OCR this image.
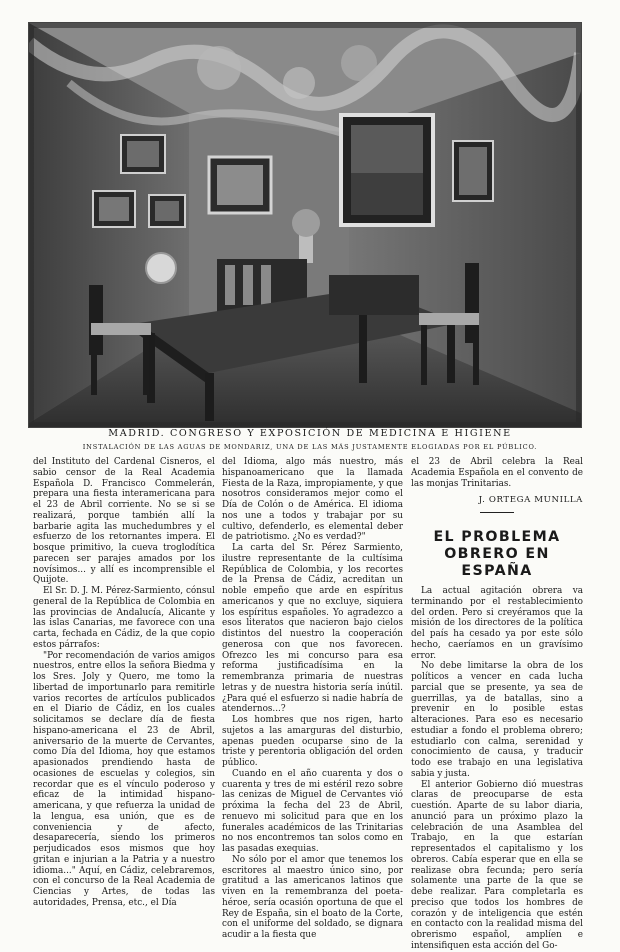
MADRID. CONGRESO Y EXPOSICIÓN DE MEDICINA E HIGIENE
INSTALACIÓN DE LAS AGUAS DE MONDARIZ, UNA DE LAS MÁS JUSTAMENTE ELOGIADAS POR EL PÚBLICO.

del Instituto del Cardenal Cisneros, el sabio censor de la Real Academia Española D. Francisco Commelerán, prepara una fiesta interamericana para el 23 de Abril corriente. No se si se realizará, porque también allí la barbarie agita las muchedumbres y el esfuerzo de los retornantes impera. El bosque primitivo, la cueva troglodítica parecen ser parajes amados por los novísimos... y allí es incomprensible el Quijote.

El Sr. D. J. M. Pérez-Sarmiento, cónsul general de la República de Colombia en las provincias de Andalucía, Alicante y las islas Canarias, me favorece con una carta, fechada en Cádiz, de la que copio estos párrafos:

"Por recomendación de varios amigos nuestros, entre ellos la señora Biedma y los Sres. Joly y Quero, me tomo la libertad de importunarlo para remitirle varios recortes de artículos publicados en el Diario de Cádiz, en los cuales solicitamos se declare día de fiesta hispano-americana el 23 de Abril, aniversario de la muerte de Cervantes, como Día del Idioma, hoy que estamos apasionados prendiendo hasta de ocasiones de escuelas y colegios, sin recordar que es el vínculo poderoso y eficaz de la intimidad hispano-americana, y que refuerza la unidad de la lengua, esa unión, que es de conveniencia y de afecto, desaparecería, siendo los primeros perjudicados esos mismos que hoy gritan e injurian a la Patria y a nuestro idioma..." Aquí, en Cádiz, celebraremos, con el concurso de la Real Academia de Ciencias y Artes, de todas las autoridades, Prensa, etc., el Día

del Idioma, algo más nuestro, más hispanoamericano que la llamada Fiesta de la Raza, impropiamente, y que nosotros consideramos mejor como el Día de Colón o de América. El idioma nos une a todos y trabajar por su cultivo, defenderlo, es elemental deber de patriotismo. ¿No es verdad?"

La carta del Sr. Pérez Sarmiento, ilustre representante de la cultísima República de Colombia, y los recortes de la Prensa de Cádiz, acreditan un noble empeño que arde en espíritus americanos y que no excluye, siquiera los espíritus españoles. Yo agradezco a esos literatos que nacieron bajo cielos distintos del nuestro la cooperación generosa con que nos favorecen. Ofrezco les mi concurso para esa reforma justificadísima en la remembranza primaria de nuestras letras y de nuestra historia sería inútil. ¿Para qué el esfuerzo si nadie habría de atendernos...?

Los hombres que nos rigen, harto sujetos a las amarguras del disturbio, apenas pueden ocuparse sino de la triste y perentoria obligación del orden público.

Cuando en el año cuarenta y dos o cuarenta y tres de mi estéril rezo sobre las cenizas de Miguel de Cervantes vió próxima la fecha del 23 de Abril, renuevo mi solicitud para que en los funerales académicos de las Trinitarias no nos encontremos tan solos como en las pasadas exequias.

No sólo por el amor que tenemos los escritores al maestro único sino, por gratitud a las americanos latinos que viven en la remembranza del poeta-héroe, sería ocasión oportuna de que el Rey de España, sin el boato de la Corte, con el uniforme del soldado, se dignara acudir a la fiesta que

el 23 de Abril celebra la Real Academia Española en el convento de las monjas Trinitarias.

J. ORTEGA MUNILLA

EL PROBLEMA
OBRERO EN ESPAÑA

La actual agitación obrera va terminando por el restablecimiento del orden. Pero si creyéramos que la misión de los directores de la política del país ha cesado ya por este sólo hecho, caeríamos en un gravísimo error.

No debe limitarse la obra de los políticos a vencer en cada lucha parcial que se presente, ya sea de guerrillas, ya de batallas, sino a prevenir en lo posible estas alteraciones. Para eso es necesario estudiar a fondo el problema obrero; estudiarlo con calma, serenidad y conocimiento de causa, y traducir todo ese trabajo en una legislativa sabia y justa.

El anterior Gobierno dió muestras claras de preocuparse de esta cuestión. Aparte de su labor diaria, anunció para un próximo plazo la celebración de una Asamblea del Trabajo, en la que estarían representados el capitalismo y los obreros. Cabía esperar que en ella se realizase obra fecunda; pero sería solamente una parte de la que se debe realizar. Para completarla es preciso que todos los hombres de corazón y de inteligencia que estén en contacto con la realidad misma del obrerismo español, amplíen e intensifiquen esta acción del Go-
